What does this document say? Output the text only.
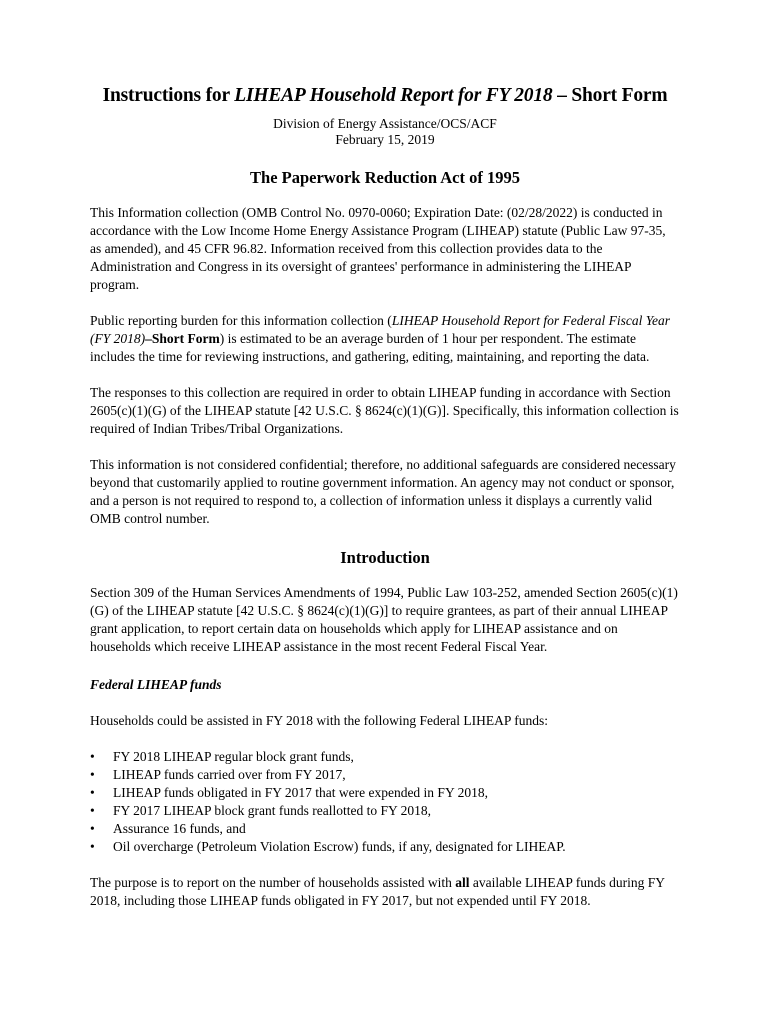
Instructions for LIHEAP Household Report for FY 2018 – Short Form
Division of Energy Assistance/OCS/ACF
February 15, 2019
The Paperwork Reduction Act of 1995

This Information collection (OMB Control No. 0970-0060; Expiration Date: (02/28/2022) is conducted in accordance with the Low Income Home Energy Assistance Program (LIHEAP) statute (Public Law 97-35, as amended), and 45 CFR 96.82. Information received from this collection provides data to the Administration and Congress in its oversight of grantees' performance in administering the LIHEAP program.

Public reporting burden for this information collection (LIHEAP Household Report for Federal Fiscal Year (FY 2018)–Short Form) is estimated to be an average burden of 1 hour per respondent. The estimate includes the time for reviewing instructions, and gathering, editing, maintaining, and reporting the data.

The responses to this collection are required in order to obtain LIHEAP funding in accordance with Section 2605(c)(1)(G) of the LIHEAP statute [42 U.S.C. § 8624(c)(1)(G)]. Specifically, this information collection is required of Indian Tribes/Tribal Organizations.

This information is not considered confidential; therefore, no additional safeguards are considered necessary beyond that customarily applied to routine government information. An agency may not conduct or sponsor, and a person is not required to respond to, a collection of information unless it displays a currently valid OMB control number.

Introduction

Section 309 of the Human Services Amendments of 1994, Public Law 103-252, amended Section 2605(c)(1)(G) of the LIHEAP statute [42 U.S.C. § 8624(c)(1)(G)] to require grantees, as part of their annual LIHEAP grant application, to report certain data on households which apply for LIHEAP assistance and on households which receive LIHEAP assistance in the most recent Federal Fiscal Year.

Federal LIHEAP funds

Households could be assisted in FY 2018 with the following Federal LIHEAP funds:

• FY 2018 LIHEAP regular block grant funds,
• LIHEAP funds carried over from FY 2017,
• LIHEAP funds obligated in FY 2017 that were expended in FY 2018,
• FY 2017 LIHEAP block grant funds reallotted to FY 2018,
• Assurance 16 funds, and
• Oil overcharge (Petroleum Violation Escrow) funds, if any, designated for LIHEAP.

The purpose is to report on the number of households assisted with all available LIHEAP funds during FY 2018, including those LIHEAP funds obligated in FY 2017, but not expended until FY 2018.
